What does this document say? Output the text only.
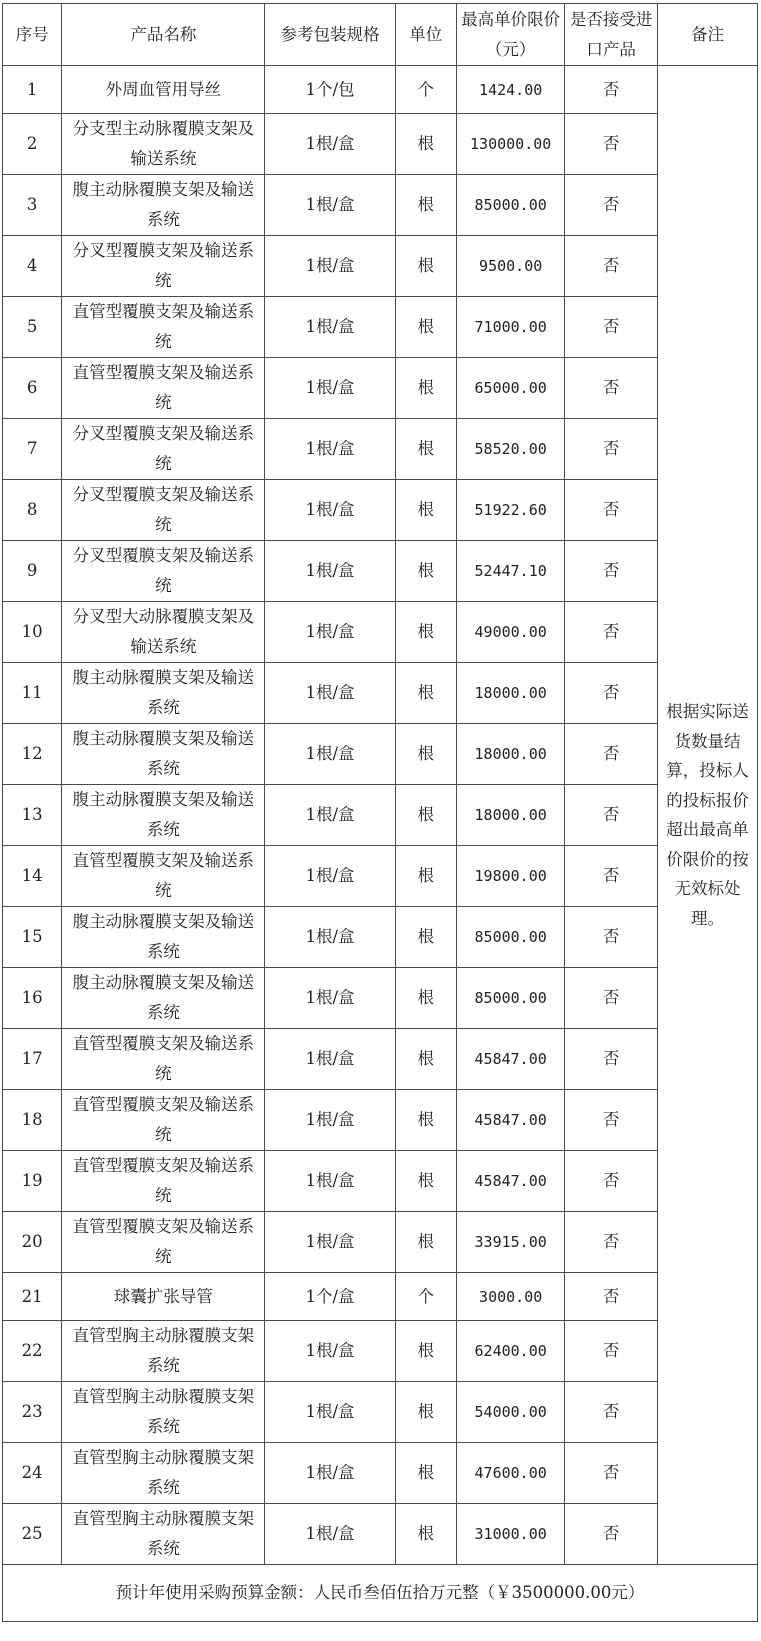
序号	产品名称	参考包装规格	单位	最高单价限价（元）	是否接受进口产品	备注
1	外周血管用导丝	1个/包	个	1424.00	否	根据实际送货数量结算，投标人的投标报价超出最高单价限价的按无效标处理。
2	分支型主动脉覆膜支架及输送系统	1根/盒	根	130000.00	否	
3	腹主动脉覆膜支架及输送系统	1根/盒	根	85000.00	否	
4	分叉型覆膜支架及输送系统	1根/盒	根	9500.00	否	
5	直管型覆膜支架及输送系统	1根/盒	根	71000.00	否	
6	直管型覆膜支架及输送系统	1根/盒	根	65000.00	否	
7	分叉型覆膜支架及输送系统	1根/盒	根	58520.00	否	
8	分叉型覆膜支架及输送系统	1根/盒	根	51922.60	否	
9	分叉型覆膜支架及输送系统	1根/盒	根	52447.10	否	
10	分叉型大动脉覆膜支架及输送系统	1根/盒	根	49000.00	否	
11	腹主动脉覆膜支架及输送系统	1根/盒	根	18000.00	否	
12	腹主动脉覆膜支架及输送系统	1根/盒	根	18000.00	否	
13	腹主动脉覆膜支架及输送系统	1根/盒	根	18000.00	否	
14	直管型覆膜支架及输送系统	1根/盒	根	19800.00	否	
15	腹主动脉覆膜支架及输送系统	1根/盒	根	85000.00	否	
16	腹主动脉覆膜支架及输送系统	1根/盒	根	85000.00	否	
17	直管型覆膜支架及输送系统	1根/盒	根	45847.00	否	
18	直管型覆膜支架及输送系统	1根/盒	根	45847.00	否	
19	直管型覆膜支架及输送系统	1根/盒	根	45847.00	否	
20	直管型覆膜支架及输送系统	1根/盒	根	33915.00	否	
21	球囊扩张导管	1个/盒	个	3000.00	否	
22	直管型胸主动脉覆膜支架系统	1根/盒	根	62400.00	否	
23	直管型胸主动脉覆膜支架系统	1根/盒	根	54000.00	否	
24	直管型胸主动脉覆膜支架系统	1根/盒	根	47600.00	否	
25	直管型胸主动脉覆膜支架系统	1根/盒	根	31000.00	否	
预计年使用采购预算金额：人民币叁佰伍拾万元整（￥3500000.00元）						
